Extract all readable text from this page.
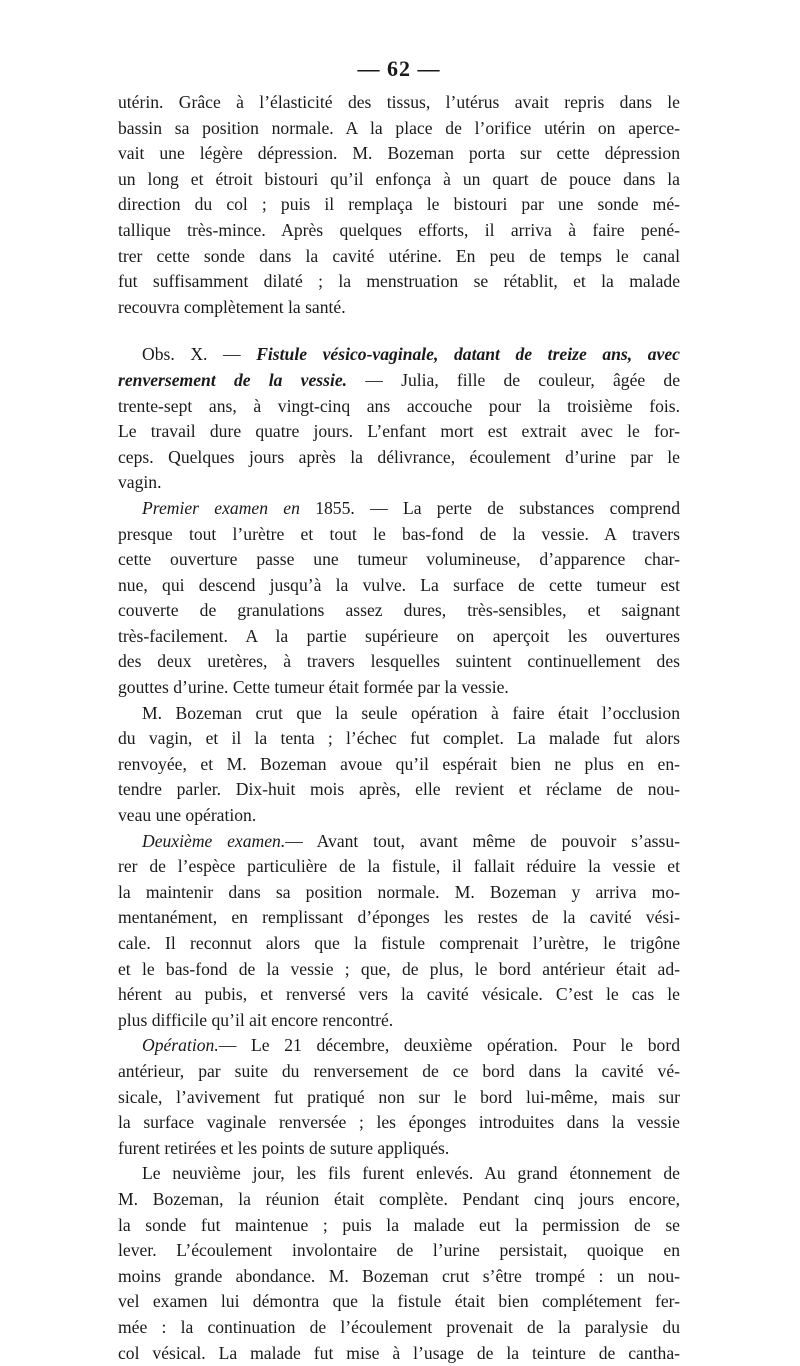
— 62 —
utérin. Grâce à l’élasticité des tissus, l’utérus avait repris dans le
bassin sa position normale. A la place de l’orifice utérin on aperce-
vait une légère dépression. M. Bozeman porta sur cette dépression
un long et étroit bistouri qu’il enfonça à un quart de pouce dans la
direction du col ; puis il remplaça le bistouri par une sonde mé-
tallique très-mince. Après quelques efforts, il arriva à faire pené-
trer cette sonde dans la cavité utérine. En peu de temps le canal
fut suffisamment dilaté ; la menstruation se rétablit, et la malade
recouvra complètement la santé.
Obs. X. — Fistule vésico-vaginale, datant de treize ans, avec
renversement de la vessie. — Julia, fille de couleur, âgée de
trente-sept ans, à vingt-cinq ans accouche pour la troisième fois.
Le travail dure quatre jours. L’enfant mort est extrait avec le for-
ceps. Quelques jours après la délivrance, écoulement d’urine par le
vagin.
Premier examen en 1855. — La perte de substances comprend
presque tout l’urètre et tout le bas-fond de la vessie. A travers
cette ouverture passe une tumeur volumineuse, d’apparence char-
nue, qui descend jusqu’à la vulve. La surface de cette tumeur est
couverte de granulations assez dures, très-sensibles, et saignant
très-facilement. A la partie supérieure on aperçoit les ouvertures
des deux uretères, à travers lesquelles suintent continuellement des
gouttes d’urine. Cette tumeur était formée par la vessie.
M. Bozeman crut que la seule opération à faire était l’occlusion
du vagin, et il la tenta ; l’échec fut complet. La malade fut alors
renvoyée, et M. Bozeman avoue qu’il espérait bien ne plus en en-
tendre parler. Dix-huit mois après, elle revient et réclame de nou-
veau une opération.
Deuxième examen.— Avant tout, avant même de pouvoir s’assu-
rer de l’espèce particulière de la fistule, il fallait réduire la vessie et
la maintenir dans sa position normale. M. Bozeman y arriva mo-
mentanément, en remplissant d’éponges les restes de la cavité vési-
cale. Il reconnut alors que la fistule comprenait l’urètre, le trigône
et le bas-fond de la vessie ; que, de plus, le bord antérieur était ad-
hérent au pubis, et renversé vers la cavité vésicale. C’est le cas le
plus difficile qu’il ait encore rencontré.
Opération.— Le 21 décembre, deuxième opération. Pour le bord
antérieur, par suite du renversement de ce bord dans la cavité vé-
sicale, l’avivement fut pratiqué non sur le bord lui-même, mais sur
la surface vaginale renversée ; les éponges introduites dans la vessie
furent retirées et les points de suture appliqués.
Le neuvième jour, les fils furent enlevés. Au grand étonnement de
M. Bozeman, la réunion était complète. Pendant cinq jours encore,
la sonde fut maintenue ; puis la malade eut la permission de se
lever. L’écoulement involontaire de l’urine persistait, quoique en
moins grande abondance. M. Bozeman crut s’être trompé : un nou-
vel examen lui démontra que la fistule était bien complétement fer-
mée : la continuation de l’écoulement provenait de la paralysie du
col vésical. La malade fut mise à l’usage de la teinture de cantha-
